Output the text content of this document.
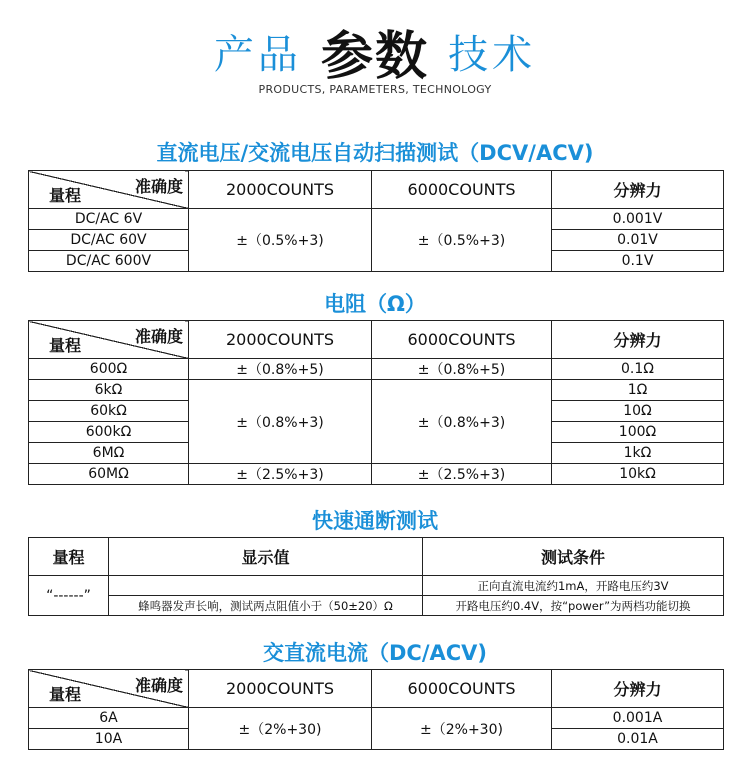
产品 参数 技术
PRODUCTS, PARAMETERS, TECHNOLOGY
直流电压/交流电压自动扫描测试（DCV/ACV)
准确度
量程	2000COUNTS	6000COUNTS	分辨力
DC/AC 6V	±（0.5%+3)	±（0.5%+3)	0.001V
DC/AC 60V			0.01V
DC/AC 600V			0.1V
电阻（Ω）
准确度
量程	2000COUNTS	6000COUNTS	分辨力
600Ω	±（0.8%+5)	±（0.8%+5)	0.1Ω
6kΩ	±（0.8%+3)	±（0.8%+3)	1Ω
60kΩ			10Ω
600kΩ			100Ω
6MΩ			1kΩ
60MΩ	±（2.5%+3)	±（2.5%+3)	10kΩ
快速通断测试
量程	显示值	测试条件
“------”		正向直流电流约1mA，开路电压约3V
	蜂鸣器发声长响，测试两点阻值小于（50±20）Ω	开路电压约0.4V，按“power”为两档功能切换
交直流电流（DC/ACV)
准确度
量程	2000COUNTS	6000COUNTS	分辨力
6A	±（2%+30)	±（2%+30)	0.001A
10A			0.01A
